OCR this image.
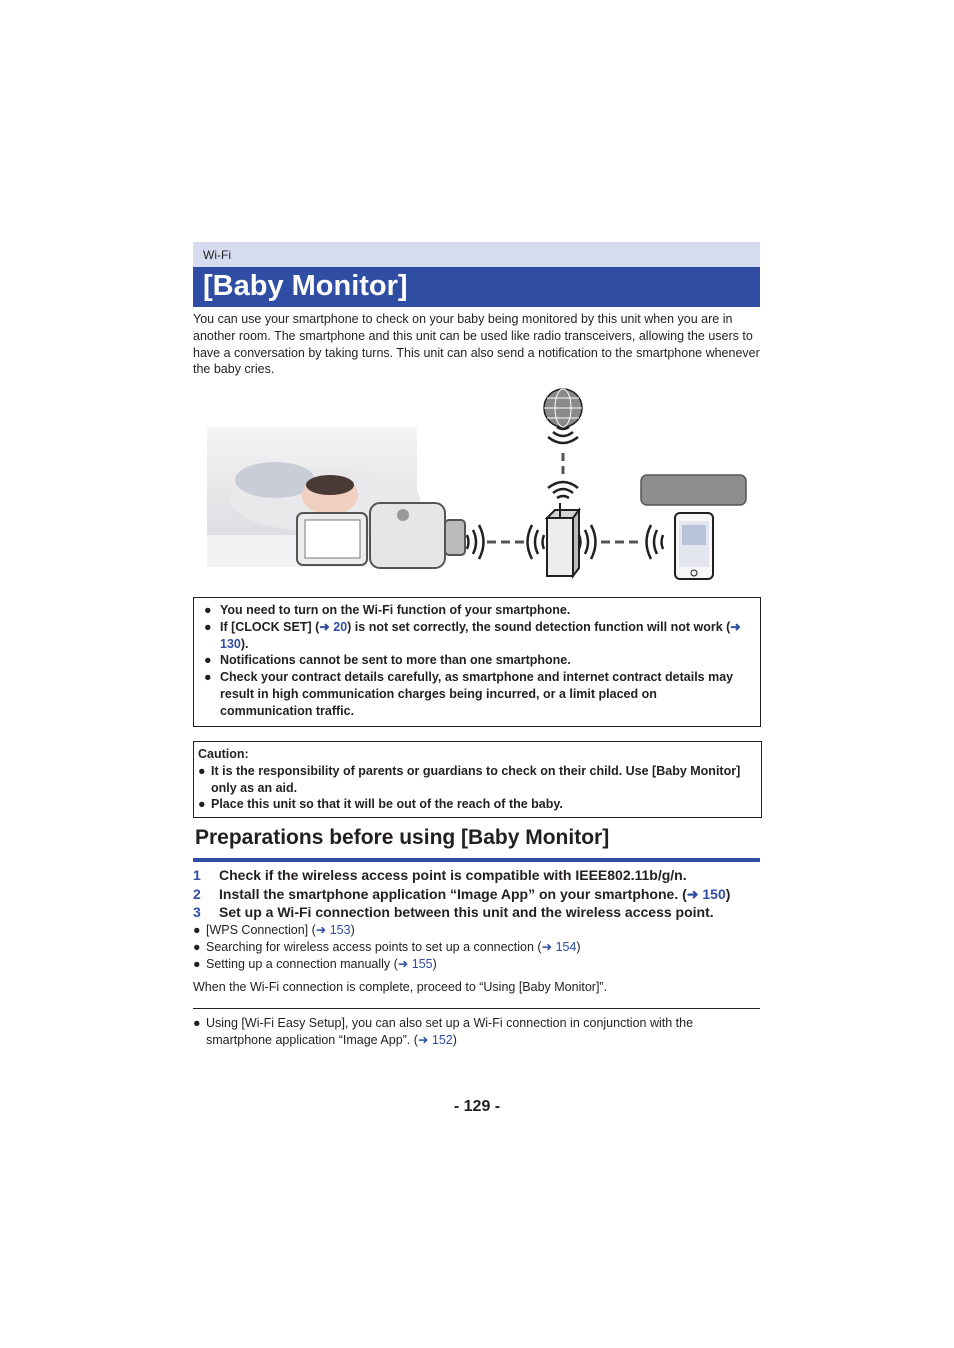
Wi-Fi
[Baby Monitor]
You can use your smartphone to check on your baby being monitored by this unit when you are in another room. The smartphone and this unit can be used like radio transceivers, allowing the users to have a conversation by taking turns. This unit can also send a notification to the smartphone whenever the baby cries.
● You need to turn on the Wi-Fi function of your smartphone.
● If [CLOCK SET] (➜ 20) is not set correctly, the sound detection function will not work (➜ 130).
● Notifications cannot be sent to more than one smartphone.
● Check your contract details carefully, as smartphone and internet contract details may result in high communication charges being incurred, or a limit placed on communication traffic.
Caution:
● It is the responsibility of parents or guardians to check on their child. Use [Baby Monitor] only as an aid.
● Place this unit so that it will be out of the reach of the baby.
Preparations before using [Baby Monitor]
1 Check if the wireless access point is compatible with IEEE802.11b/g/n.
2 Install the smartphone application “Image App” on your smartphone. (➜ 150)
3 Set up a Wi-Fi connection between this unit and the wireless access point.
● [WPS Connection] (➜ 153)
● Searching for wireless access points to set up a connection (➜ 154)
● Setting up a connection manually (➜ 155)
When the Wi-Fi connection is complete, proceed to “Using [Baby Monitor]”.
● Using [Wi-Fi Easy Setup], you can also set up a Wi-Fi connection in conjunction with the smartphone application “Image App”. (➜ 152)
- 129 -
